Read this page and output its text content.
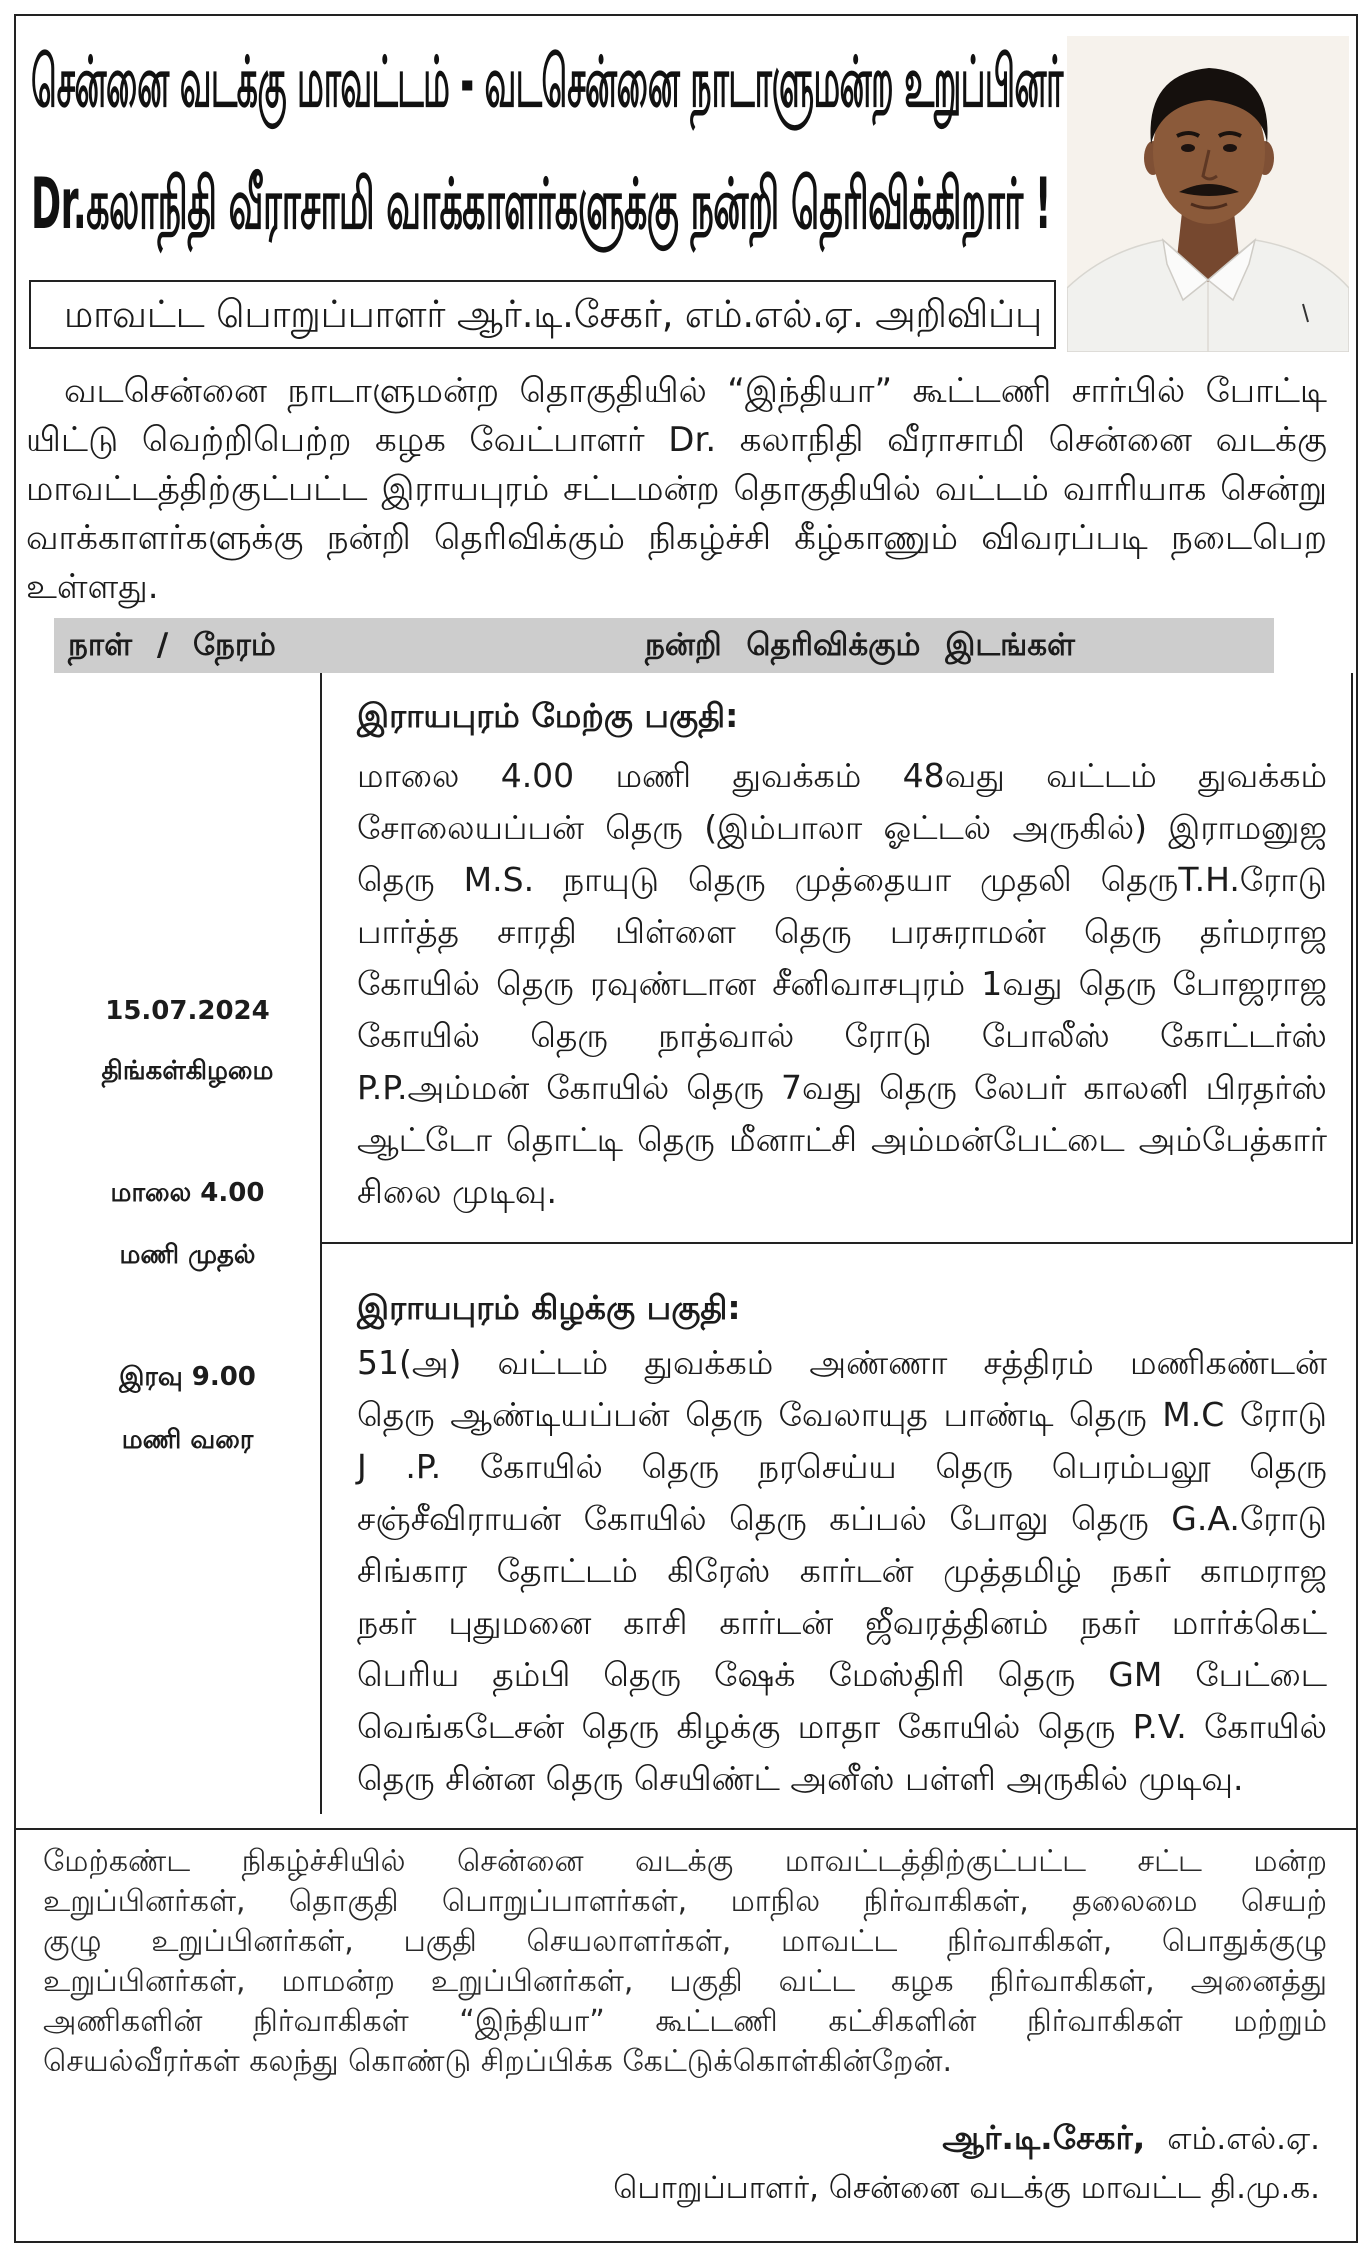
சென்னை வடக்கு மாவட்டம் - வடசென்னை நாடாளுமன்ற உறுப்பினர்
Dr.கலாநிதி வீராசாமி வாக்காளர்களுக்கு நன்றி தெரிவிக்கிறார் !
மாவட்ட பொறுப்பாளர் ஆர்.டி.சேகர், எம்.எல்.ஏ. அறிவிப்பு
வடசென்னை நாடாளுமன்ற தொகுதியில் “இந்தியா” கூட்டணி சார்பில் போட்டி
யிட்டு வெற்றிபெற்ற கழக வேட்பாளர் Dr. கலாநிதி வீராசாமி சென்னை வடக்கு
மாவட்டத்திற்குட்பட்ட இராயபுரம் சட்டமன்ற தொகுதியில் வட்டம் வாரியாக சென்று
வாக்காளர்களுக்கு நன்றி தெரிவிக்கும் நிகழ்ச்சி கீழ்காணும் விவரப்படி நடைபெற
உள்ளது.
நாள் / நேரம்	நன்றி தெரிவிக்கும் இடங்கள்
15.07.2024
திங்கள்கிழமை
மாலை 4.00
மணி முதல்
இரவு 9.00
மணி வரை
இராயபுரம் மேற்கு பகுதி:
மாலை 4.00 மணி துவக்கம் 48வது வட்டம் துவக்கம்
சோலையப்பன் தெரு (இம்பாலா ஓட்டல் அருகில்) இராமனுஜ
தெரு M.S. நாயுடு தெரு முத்தையா முதலி தெருT.H.ரோடு
பார்த்த சாரதி பிள்ளை தெரு பரசுராமன் தெரு தர்மராஜ
கோயில் தெரு ரவுண்டான சீனிவாசபுரம் 1வது தெரு போஜராஜ
கோயில் தெரு நாத்வால் ரோடு போலீஸ் கோட்டர்ஸ்
P.P.அம்மன் கோயில் தெரு 7வது தெரு லேபர் காலனி பிரதர்ஸ்
ஆட்டோ தொட்டி தெரு மீனாட்சி அம்மன்பேட்டை அம்பேத்கார்
சிலை முடிவு.
இராயபுரம் கிழக்கு பகுதி:
51(அ) வட்டம் துவக்கம் அண்ணா சத்திரம் மணிகண்டன்
தெரு ஆண்டியப்பன் தெரு வேலாயுத பாண்டி தெரு M.C ரோடு
J .P. கோயில் தெரு நரசெய்ய தெரு பெரம்பலூ தெரு
சஞ்சீவிராயன் கோயில் தெரு கப்பல் போலு தெரு G.A.ரோடு
சிங்கார தோட்டம் கிரேஸ் கார்டன் முத்தமிழ் நகர் காமராஜ
நகர் புதுமனை காசி கார்டன் ஜீவரத்தினம் நகர் மார்க்கெட்
பெரிய தம்பி தெரு ஷேக் மேஸ்திரி தெரு GM பேட்டை
வெங்கடேசன் தெரு கிழக்கு மாதா கோயில் தெரு P.V. கோயில்
தெரு சின்ன தெரு செயிண்ட் அனீஸ் பள்ளி அருகில் முடிவு.
மேற்கண்ட நிகழ்ச்சியில் சென்னை வடக்கு மாவட்டத்திற்குட்பட்ட சட்ட மன்ற
உறுப்பினர்கள், தொகுதி பொறுப்பாளர்கள், மாநில நிர்வாகிகள், தலைமை செயற்
குழு உறுப்பினர்கள், பகுதி செயலாளர்கள், மாவட்ட நிர்வாகிகள், பொதுக்குழு
உறுப்பினர்கள், மாமன்ற உறுப்பினர்கள், பகுதி வட்ட கழக நிர்வாகிகள், அனைத்து
அணிகளின் நிர்வாகிகள் “இந்தியா” கூட்டணி கட்சிகளின் நிர்வாகிகள் மற்றும்
செயல்வீரர்கள் கலந்து கொண்டு சிறப்பிக்க கேட்டுக்கொள்கின்றேன்.
ஆர்.டி.சேகர், எம்.எல்.ஏ.
பொறுப்பாளர், சென்னை வடக்கு மாவட்ட தி.மு.க.
